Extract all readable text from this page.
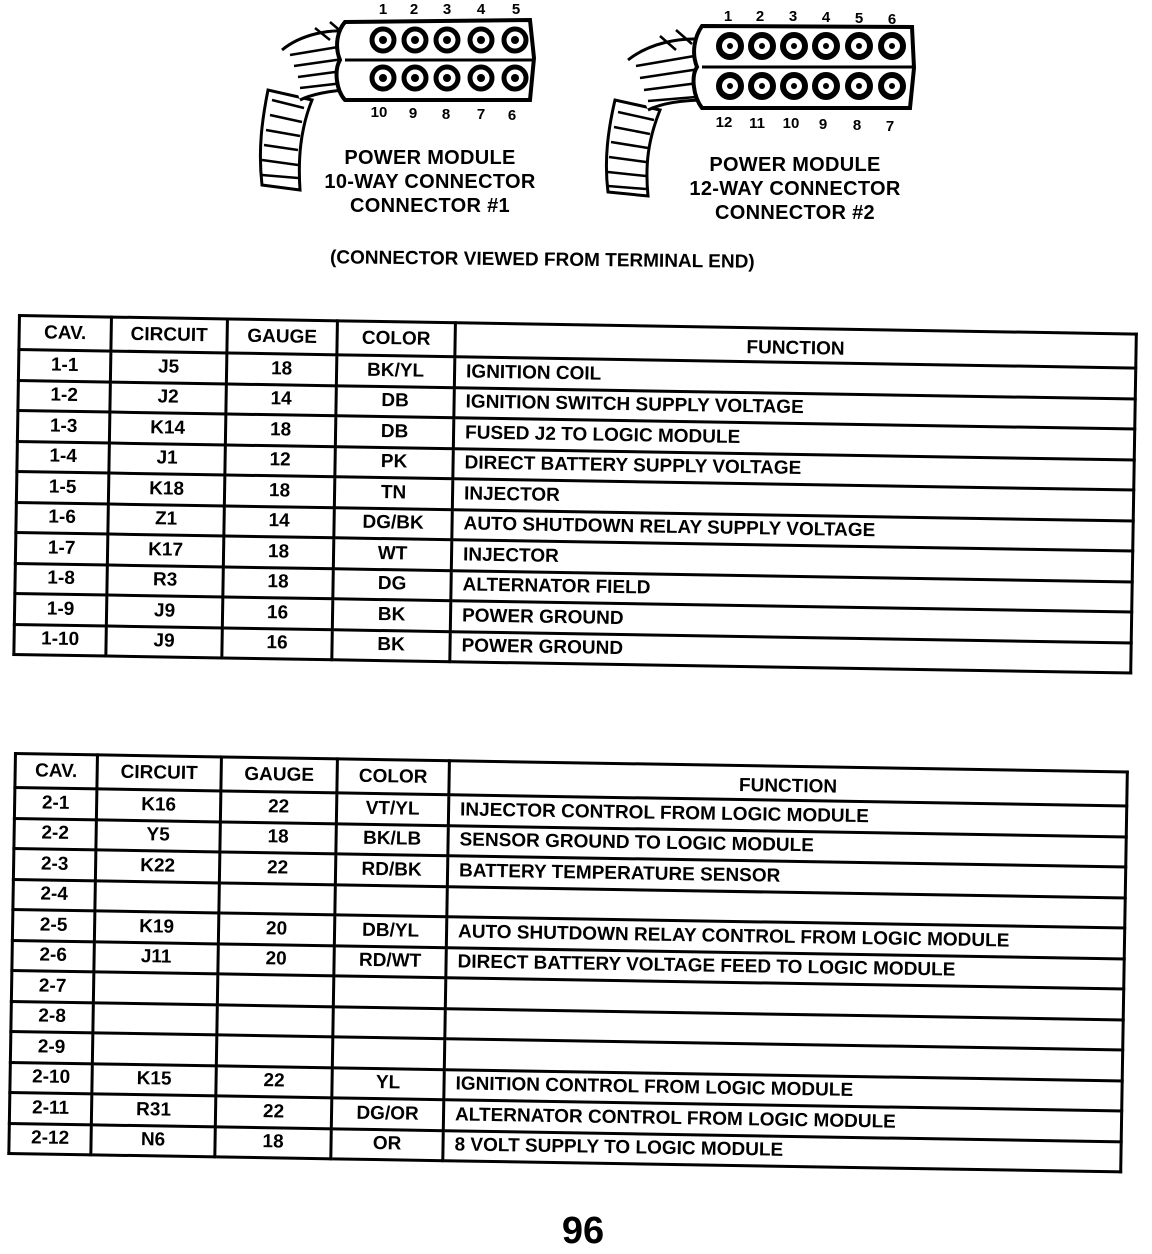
1 2 3 4 5
10 9 8 7 6
1 2 3 4 5 6
12 11 10 9 8 7
POWER MODULE
10-WAY CONNECTOR
CONNECTOR #1
POWER MODULE
12-WAY CONNECTOR
CONNECTOR #2
(CONNECTOR VIEWED FROM TERMINAL END)
CAV.	CIRCUIT	GAUGE	COLOR	FUNCTION
1-1	J5	18	BK/YL	IGNITION COIL
1-2	J2	14	DB	IGNITION SWITCH SUPPLY VOLTAGE
1-3	K14	18	DB	FUSED J2 TO LOGIC MODULE
1-4	J1	12	PK	DIRECT BATTERY SUPPLY VOLTAGE
1-5	K18	18	TN	INJECTOR
1-6	Z1	14	DG/BK	AUTO SHUTDOWN RELAY SUPPLY VOLTAGE
1-7	K17	18	WT	INJECTOR
1-8	R3	18	DG	ALTERNATOR FIELD
1-9	J9	16	BK	POWER GROUND
1-10	J9	16	BK	POWER GROUND
CAV.	CIRCUIT	GAUGE	COLOR	FUNCTION
2-1	K16	22	VT/YL	INJECTOR CONTROL FROM LOGIC MODULE
2-2	Y5	18	BK/LB	SENSOR GROUND TO LOGIC MODULE
2-3	K22	22	RD/BK	BATTERY TEMPERATURE SENSOR
2-4				
2-5	K19	20	DB/YL	AUTO SHUTDOWN RELAY CONTROL FROM LOGIC MODULE
2-6	J11	20	RD/WT	DIRECT BATTERY VOLTAGE FEED TO LOGIC MODULE
2-7				
2-8				
2-9				
2-10	K15	22	YL	IGNITION CONTROL FROM LOGIC MODULE
2-11	R31	22	DG/OR	ALTERNATOR CONTROL FROM LOGIC MODULE
2-12	N6	18	OR	8 VOLT SUPPLY TO LOGIC MODULE
96
